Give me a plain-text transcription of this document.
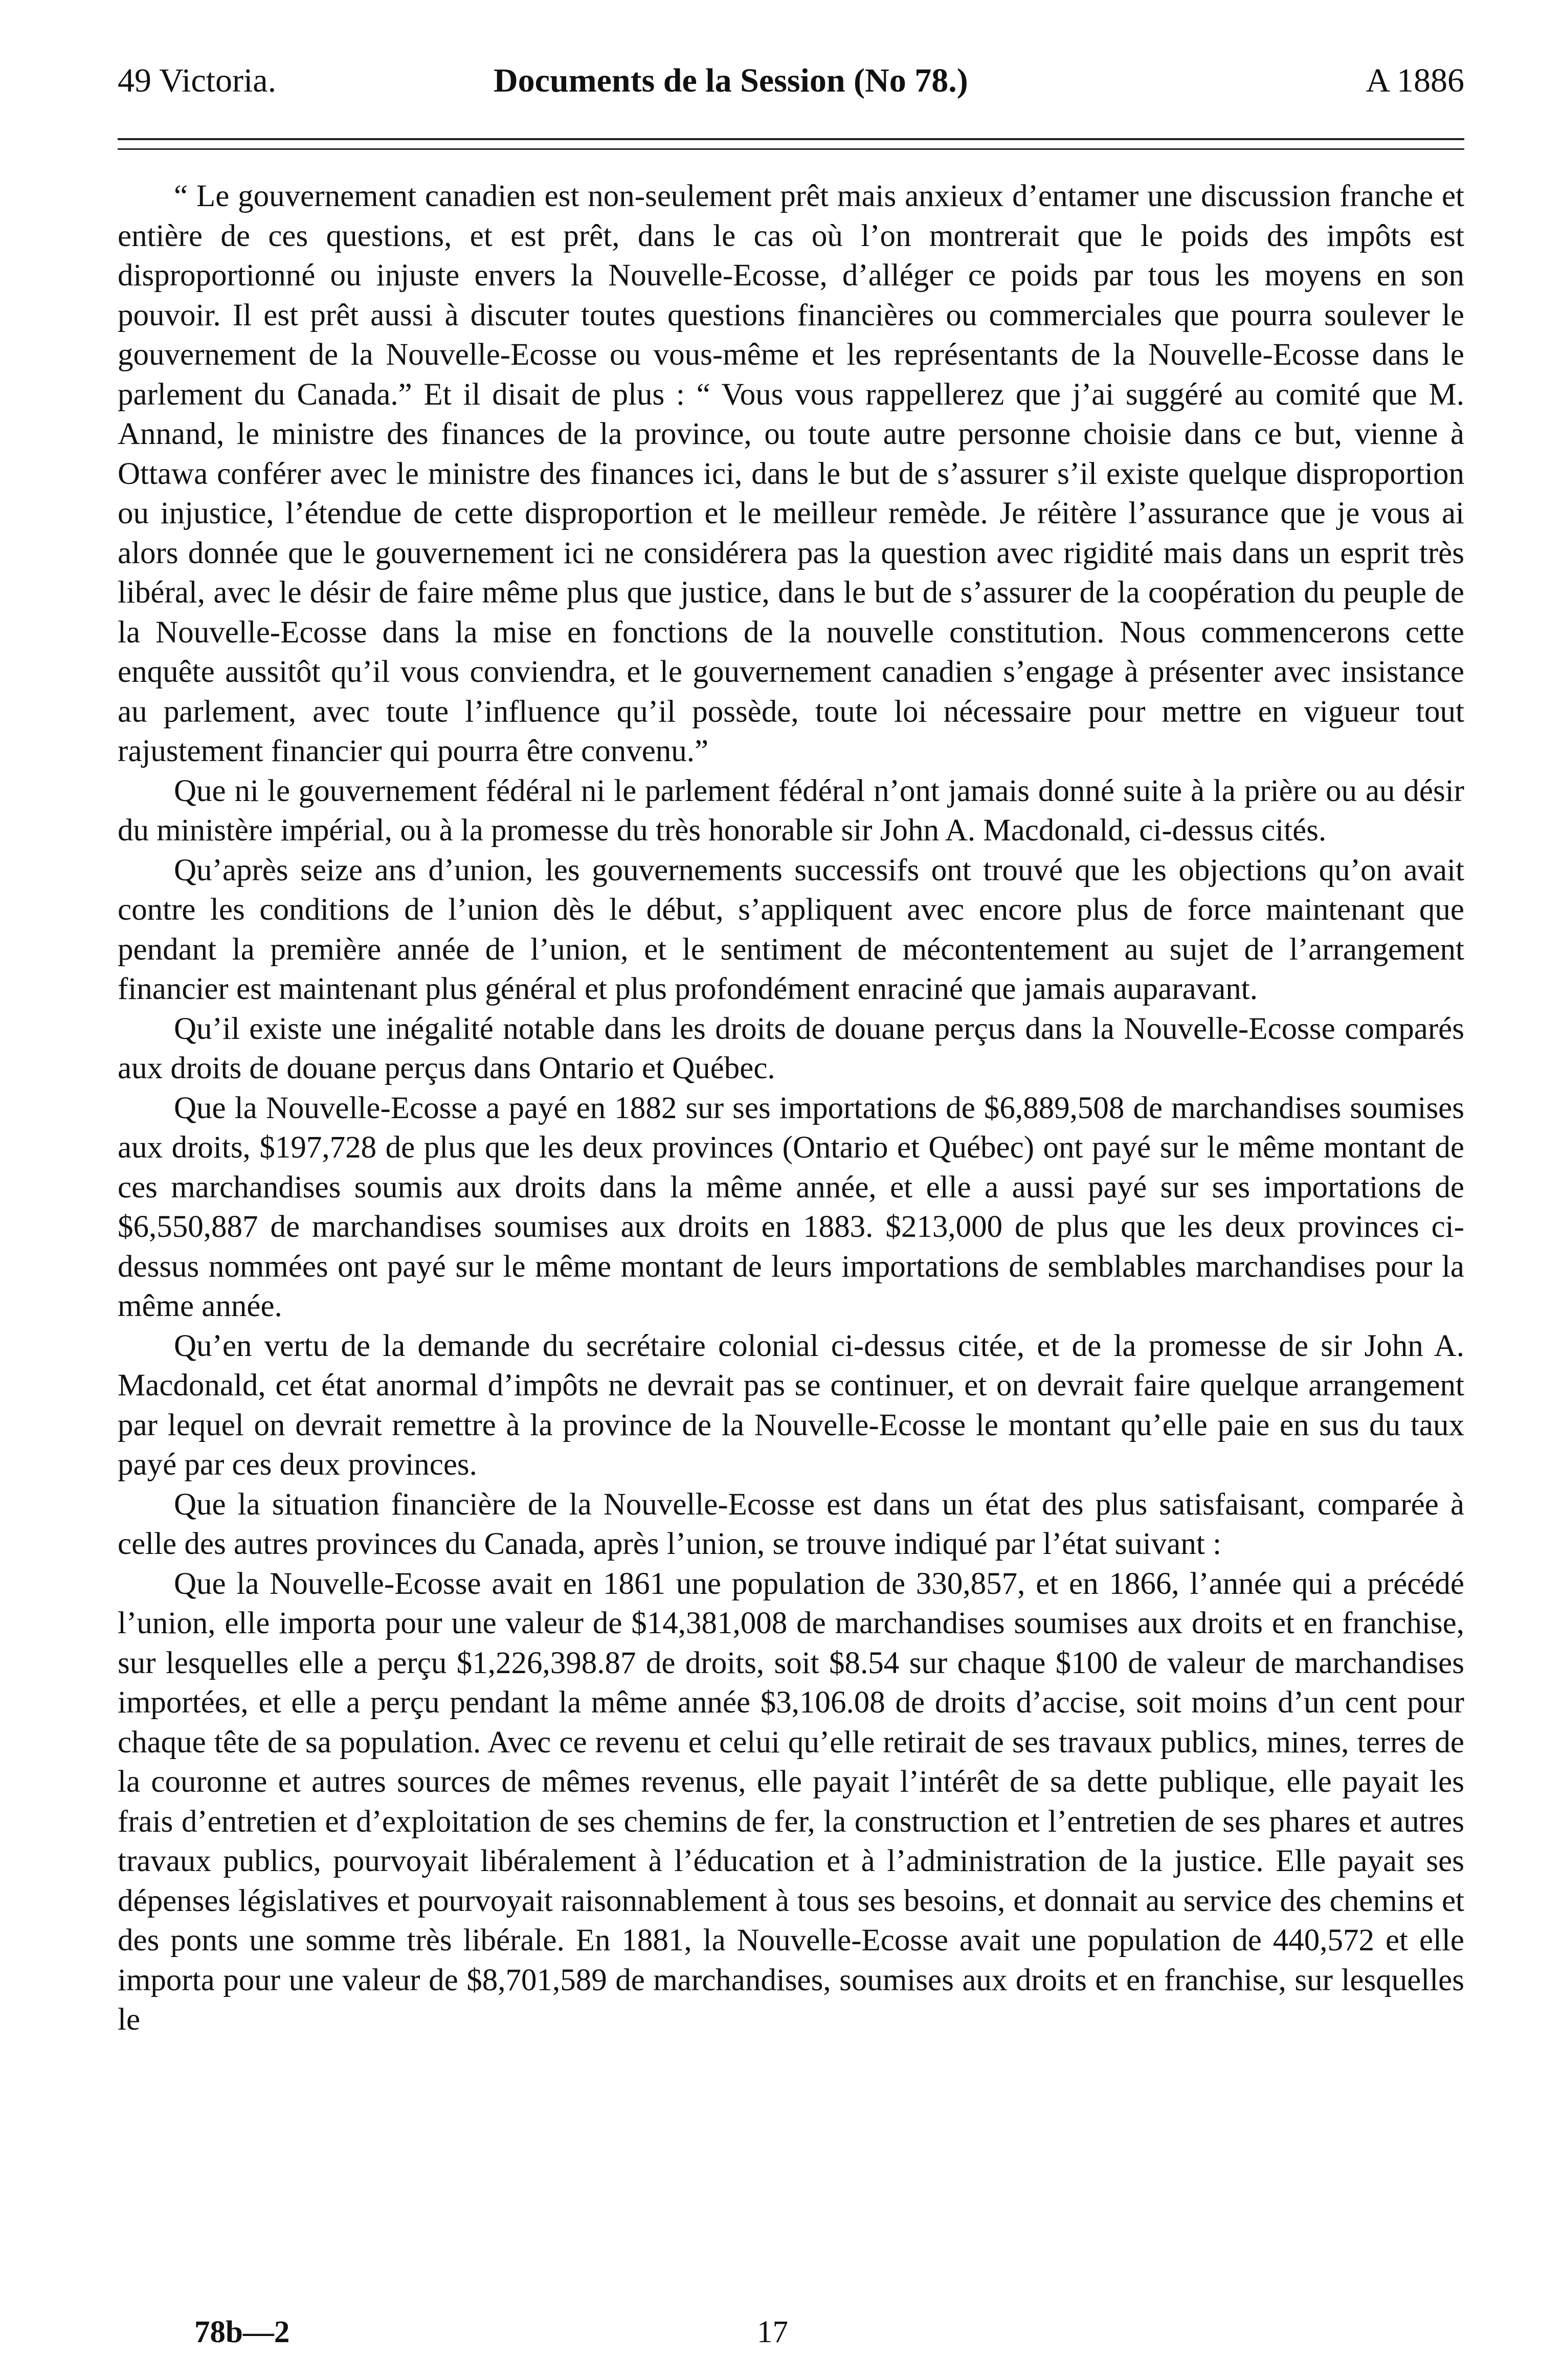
49 Victoria.	Documents de la Session (No 78.)	A 1886

“ Le gouvernement canadien est non-seulement prêt mais anxieux d’entamer une discussion franche et entière de ces questions, et est prêt, dans le cas où l’on montrerait que le poids des impôts est disproportionné ou injuste envers la Nouvelle-Ecosse, d’alléger ce poids par tous les moyens en son pouvoir. Il est prêt aussi à discuter toutes questions financières ou commerciales que pourra soulever le gouvernement de la Nouvelle-Ecosse ou vous-même et les représentants de la Nouvelle-Ecosse dans le parlement du Canada.” Et il disait de plus : “ Vous vous rappellerez que j’ai suggéré au comité que M. Annand, le ministre des finances de la province, ou toute autre personne choisie dans ce but, vienne à Ottawa conférer avec le ministre des finances ici, dans le but de s’assurer s’il existe quelque disproportion ou injustice, l’étendue de cette disproportion et le meilleur remède. Je réitère l’assurance que je vous ai alors donnée que le gouvernement ici ne considérera pas la question avec rigidité mais dans un esprit très libéral, avec le désir de faire même plus que justice, dans le but de s’assurer de la coopération du peuple de la Nouvelle-Ecosse dans la mise en fonctions de la nouvelle constitution. Nous commencerons cette enquête aussitôt qu’il vous conviendra, et le gouvernement canadien s’engage à présenter avec insistance au parlement, avec toute l’influence qu’il possède, toute loi nécessaire pour mettre en vigueur tout rajustement financier qui pourra être convenu.”

Que ni le gouvernement fédéral ni le parlement fédéral n’ont jamais donné suite à la prière ou au désir du ministère impérial, ou à la promesse du très honorable sir John A. Macdonald, ci-dessus cités.

Qu’après seize ans d’union, les gouvernements successifs ont trouvé que les objections qu’on avait contre les conditions de l’union dès le début, s’appliquent avec encore plus de force maintenant que pendant la première année de l’union, et le sentiment de mécontentement au sujet de l’arrangement financier est maintenant plus général et plus profondément enraciné que jamais auparavant.

Qu’il existe une inégalité notable dans les droits de douane perçus dans la Nouvelle-Ecosse comparés aux droits de douane perçus dans Ontario et Québec.

Que la Nouvelle-Ecosse a payé en 1882 sur ses importations de $6,889,508 de marchandises soumises aux droits, $197,728 de plus que les deux provinces (Ontario et Québec) ont payé sur le même montant de ces marchandises soumis aux droits dans la même année, et elle a aussi payé sur ses importations de $6,550,887 de marchandises soumises aux droits en 1883. $213,000 de plus que les deux provinces ci-dessus nommées ont payé sur le même montant de leurs importations de semblables marchandises pour la même année.

Qu’en vertu de la demande du secrétaire colonial ci-dessus citée, et de la promesse de sir John A. Macdonald, cet état anormal d’impôts ne devrait pas se continuer, et on devrait faire quelque arrangement par lequel on devrait remettre à la province de la Nouvelle-Ecosse le montant qu’elle paie en sus du taux payé par ces deux provinces.

Que la situation financière de la Nouvelle-Ecosse est dans un état des plus satisfaisant, comparée à celle des autres provinces du Canada, après l’union, se trouve indiqué par l’état suivant :

Que la Nouvelle-Ecosse avait en 1861 une population de 330,857, et en 1866, l’année qui a précédé l’union, elle importa pour une valeur de $14,381,008 de marchandises soumises aux droits et en franchise, sur lesquelles elle a perçu $1,226,398.87 de droits, soit $8.54 sur chaque $100 de valeur de marchandises importées, et elle a perçu pendant la même année $3,106.08 de droits d’accise, soit moins d’un cent pour chaque tête de sa population. Avec ce revenu et celui qu’elle retirait de ses travaux publics, mines, terres de la couronne et autres sources de mêmes revenus, elle payait l’intérêt de sa dette publique, elle payait les frais d’entretien et d’exploitation de ses chemins de fer, la construction et l’entretien de ses phares et autres travaux publics, pourvoyait libéralement à l’éducation et à l’administration de la justice. Elle payait ses dépenses législatives et pourvoyait raisonnablement à tous ses besoins, et donnait au service des chemins et des ponts une somme très libérale. En 1881, la Nouvelle-Ecosse avait une population de 440,572 et elle importa pour une valeur de $8,701,589 de marchandises, soumises aux droits et en franchise, sur lesquelles le

78b—2	17
